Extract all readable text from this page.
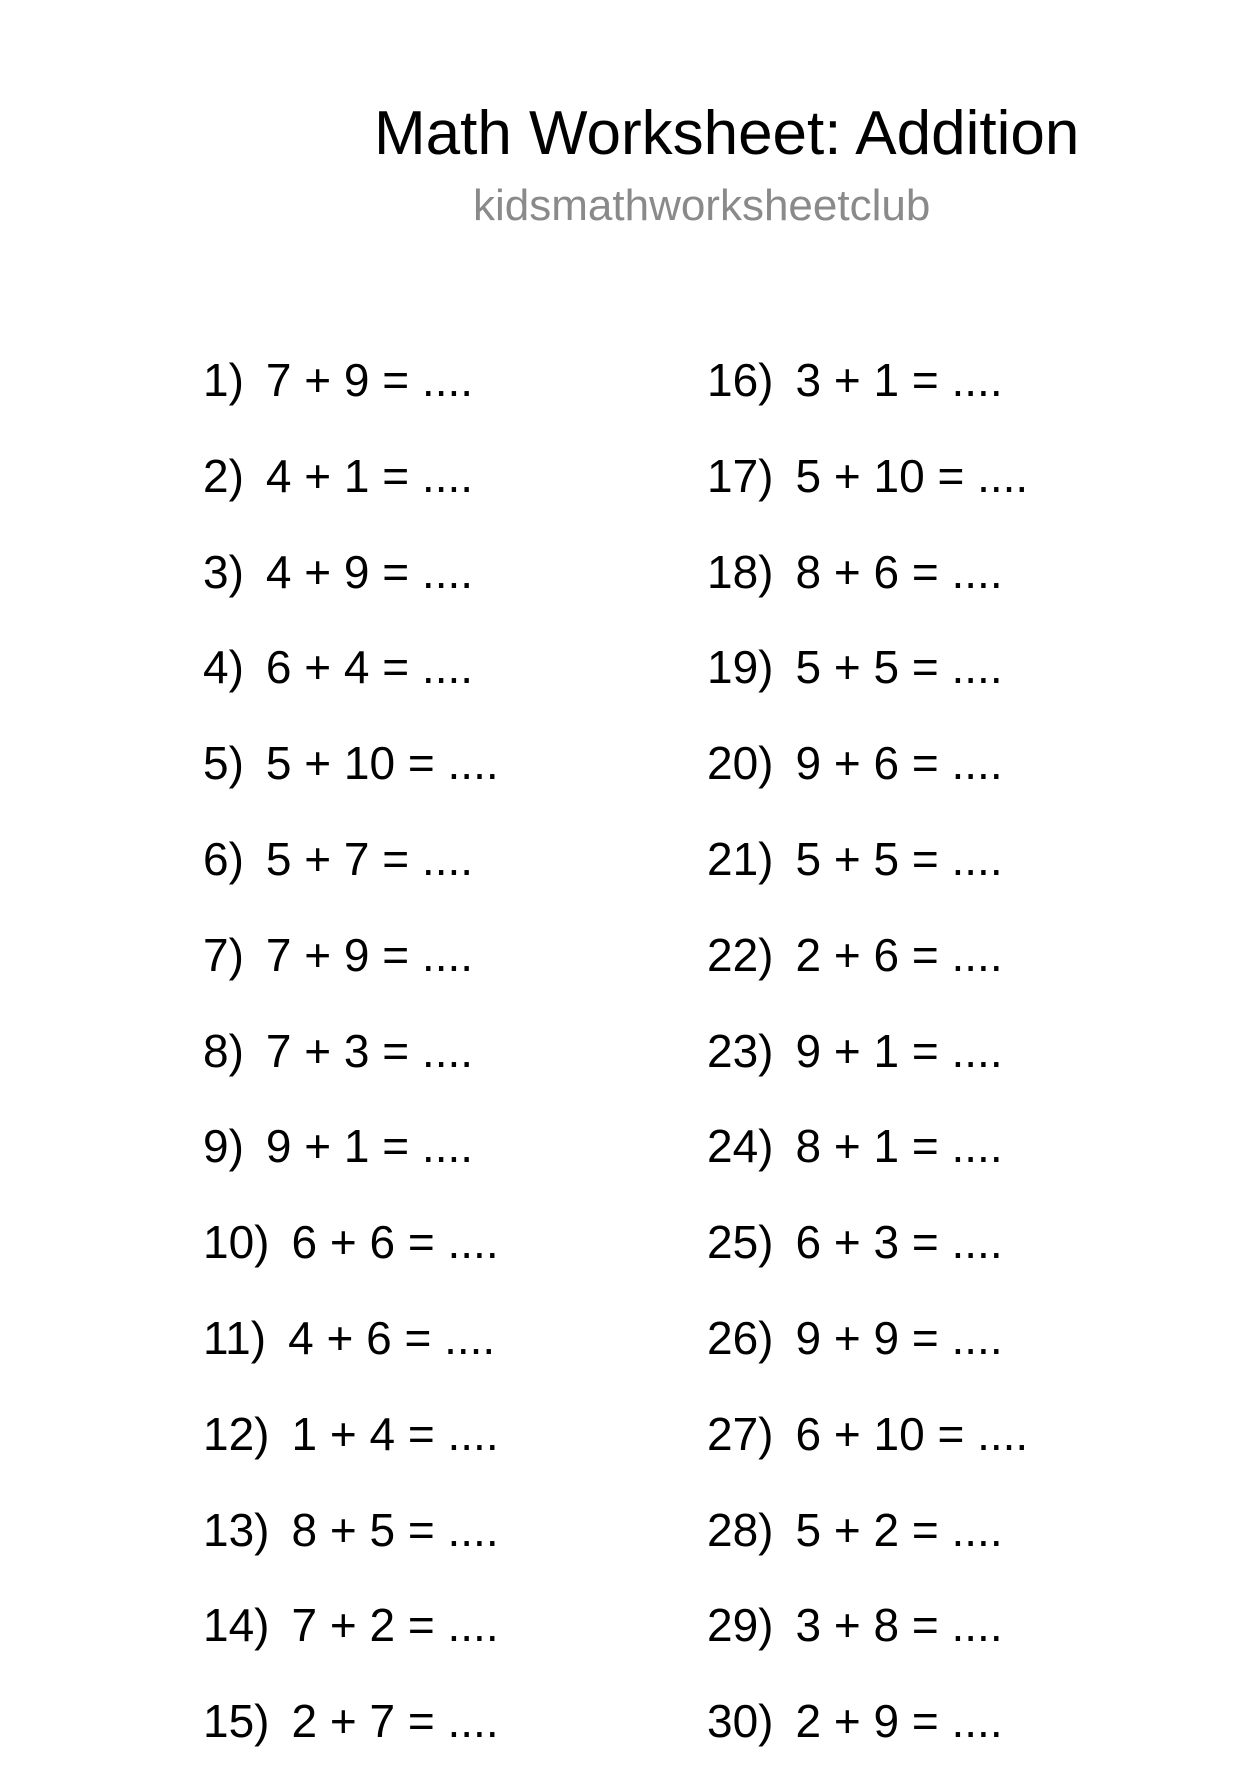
Math Worksheet: Addition
kidsmathworksheetclub
1) 7 + 9 = ....
2) 4 + 1 = ....
3) 4 + 9 = ....
4) 6 + 4 = ....
5) 5 + 10 = ....
6) 5 + 7 = ....
7) 7 + 9 = ....
8) 7 + 3 = ....
9) 9 + 1 = ....
10) 6 + 6 = ....
11) 4 + 6 = ....
12) 1 + 4 = ....
13) 8 + 5 = ....
14) 7 + 2 = ....
15) 2 + 7 = ....
16) 3 + 1 = ....
17) 5 + 10 = ....
18) 8 + 6 = ....
19) 5 + 5 = ....
20) 9 + 6 = ....
21) 5 + 5 = ....
22) 2 + 6 = ....
23) 9 + 1 = ....
24) 8 + 1 = ....
25) 6 + 3 = ....
26) 9 + 9 = ....
27) 6 + 10 = ....
28) 5 + 2 = ....
29) 3 + 8 = ....
30) 2 + 9 = ....
